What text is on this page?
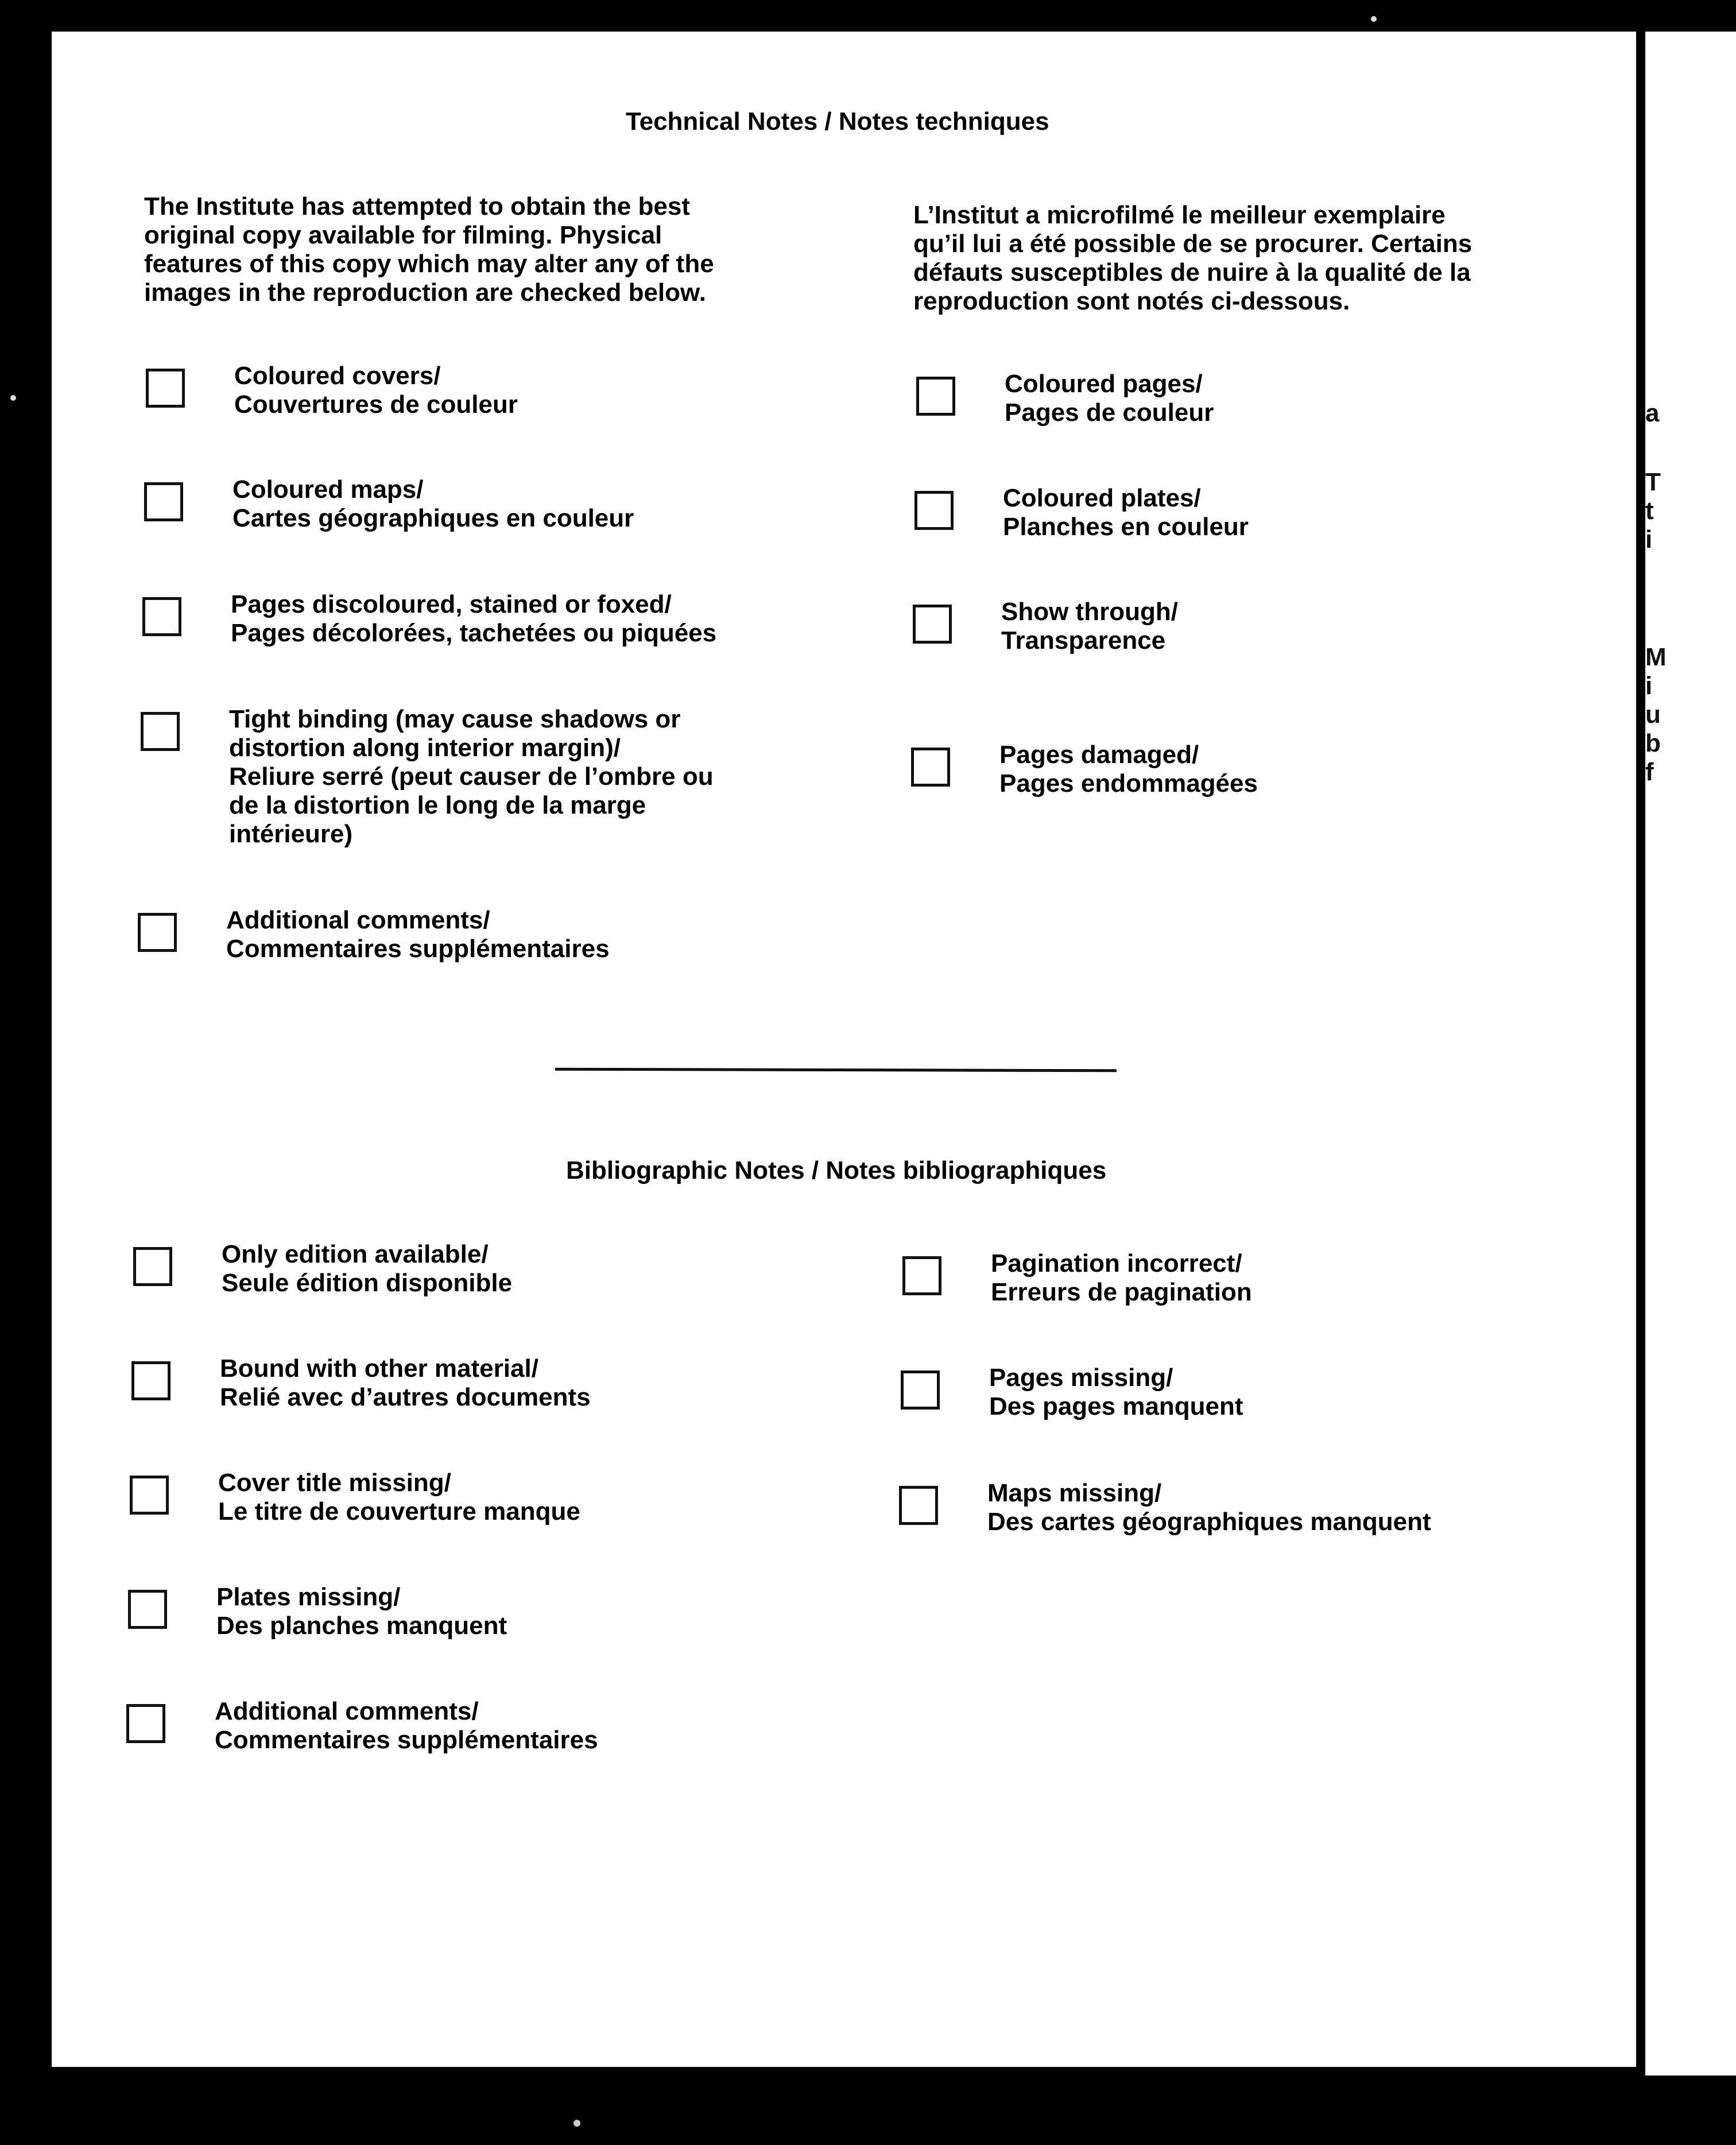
a
T
t
i
M
i
u
b
f
Technical Notes / Notes techniques
The Institute has attempted to obtain the best
original copy available for filming. Physical
features of this copy which may alter any of the
images in the reproduction are checked below.
L’Institut a microfilmé le meilleur exemplaire
qu’il lui a été possible de se procurer. Certains
défauts susceptibles de nuire à la qualité de la
reproduction sont notés ci-dessous.
Coloured covers/
Couvertures de couleur
Coloured maps/
Cartes géographiques en couleur
Pages discoloured, stained or foxed/
Pages décolorées, tachetées ou piquées
Tight binding (may cause shadows or
distortion along interior margin)/
Reliure serré (peut causer de l’ombre ou
de la distortion le long de la marge
intérieure)
Additional comments/
Commentaires supplémentaires
Coloured pages/
Pages de couleur
Coloured plates/
Planches en couleur
Show through/
Transparence
Pages damaged/
Pages endommagées
Bibliographic Notes / Notes bibliographiques
Only edition available/
Seule édition disponible
Bound with other material/
Relié avec d’autres documents
Cover title missing/
Le titre de couverture manque
Plates missing/
Des planches manquent
Additional comments/
Commentaires supplémentaires
Pagination incorrect/
Erreurs de pagination
Pages missing/
Des pages manquent
Maps missing/
Des cartes géographiques manquent
